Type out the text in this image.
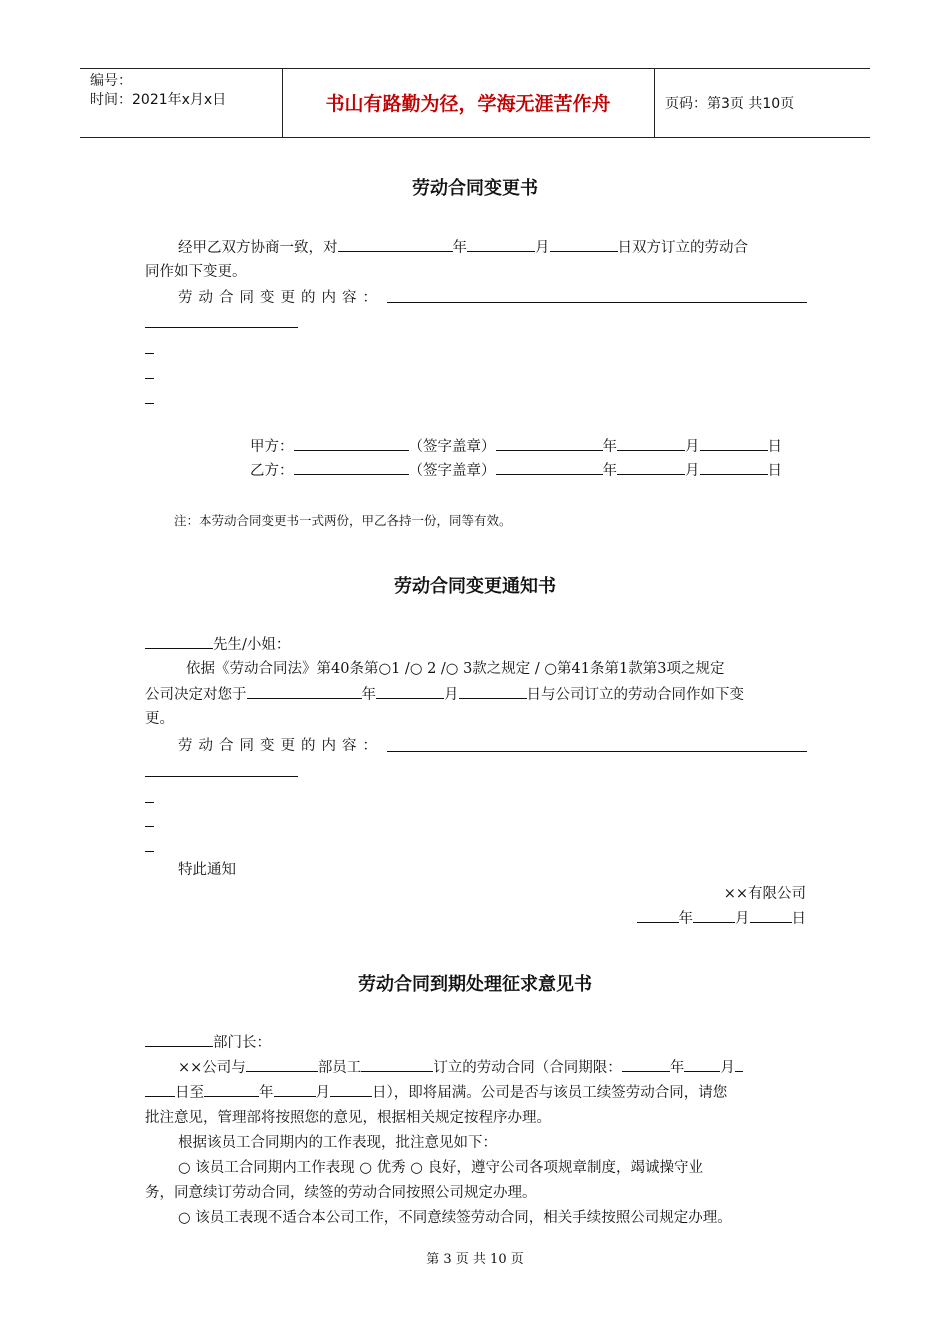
编号：
时间：2021年x月x日	书山有路勤为径，学海无涯苦作舟	页码：第3页 共10页
劳动合同变更书
经甲乙双方协商一致，对	年	月	日双方订立的劳动合
同作如下变更。
劳动合同变更的内容：
甲方：	（签字盖章）	年	月	日
乙方：	（签字盖章）	年	月	日
注：本劳动合同变更书一式两份，甲乙各持一份，同等有效。
劳动合同变更通知书
先生/小姐：
依据《劳动合同法》第40条第○1 /○ 2 /○ 3款之规定 / ○第41条第1款第3项之规定
公司决定对您于	年	月	日与公司订立的劳动合同作如下变
更。
劳动合同变更的内容：
特此通知
××有限公司
年	月	日
劳动合同到期处理征求意见书
部门长：
××公司与	部员工	订立的劳动合同（合同期限：	年 月
日至	年	月	日），即将届满。公司是否与该员工续签劳动合同，请您
批注意见，管理部将按照您的意见，根据相关规定按程序办理。
根据该员工合同期内的工作表现，批注意见如下：
○ 该员工合同期内工作表现 ○ 优秀 ○ 良好，遵守公司各项规章制度，竭诚操守业
务，同意续订劳动合同，续签的劳动合同按照公司规定办理。
○ 该员工表现不适合本公司工作，不同意续签劳动合同，相关手续按照公司规定办理。
第 3 页 共 10 页
